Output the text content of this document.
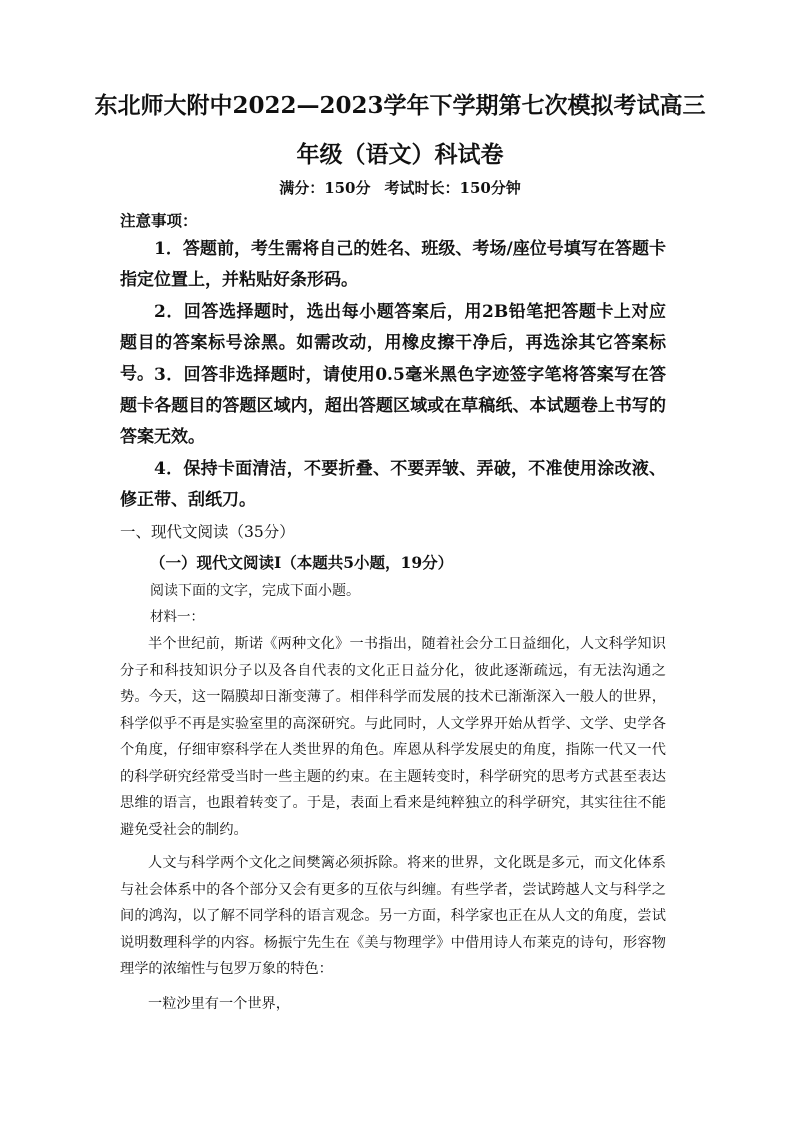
东北师大附中2022—2023学年下学期第七次模拟考试高三
年级（语文）科试卷
满分：150分 考试时长：150分钟
注意事项：

1．答题前，考生需将自己的姓名、班级、考场/座位号填写在答题卡指定位置上，并粘贴好条形码。

2．回答选择题时，选出每小题答案后，用2B铅笔把答题卡上对应题目的答案标号涂黑。如需改动，用橡皮擦干净后，再选涂其它答案标号。 3．回答非选择题时，请使用0.5毫米黑色字迹签字笔将答案写在答题卡各题目的答题区域内，超出答题区域或在草稿纸、本试题卷上书写的答案无效。

4．保持卡面清洁，不要折叠、不要弄皱、弄破，不准使用涂改液、修正带、刮纸刀。

一、现代文阅读（35分）
（一）现代文阅读Ⅰ（本题共5小题，19分）
阅读下面的文字，完成下面小题。
材料一：

半个世纪前，斯诺《两种文化》一书指出，随着社会分工日益细化，人文科学知识分子和科技知识分子以及各自代表的文化正日益分化，彼此逐渐疏远，有无法沟通之势。今天，这一隔膜却日渐变薄了。相伴科学而发展的技术已渐渐深入一般人的世界，科学似乎不再是实验室里的高深研究。与此同时，人文学界开始从哲学、文学、史学各个角度，仔细审察科学在人类世界的角色。库恩从科学发展史的角度，指陈一代又一代的科学研究经常受当时一些主题的约束。在主题转变时，科学研究的思考方式甚至表达思维的语言，也跟着转变了。于是，表面上看来是纯粹独立的科学研究，其实往往不能避免受社会的制约。

人文与科学两个文化之间樊篱必须拆除。将来的世界，文化既是多元，而文化体系与社会体系中的各个部分又会有更多的互依与纠缠。有些学者，尝试跨越人文与科学之间的鸿沟，以了解不同学科的语言观念。另一方面，科学家也正在从人文的角度，尝试说明数理科学的内容。杨振宁先生在《美与物理学》中借用诗人布莱克的诗句，形容物理学的浓缩性与包罗万象的特色：

一粒沙里有一个世界，
